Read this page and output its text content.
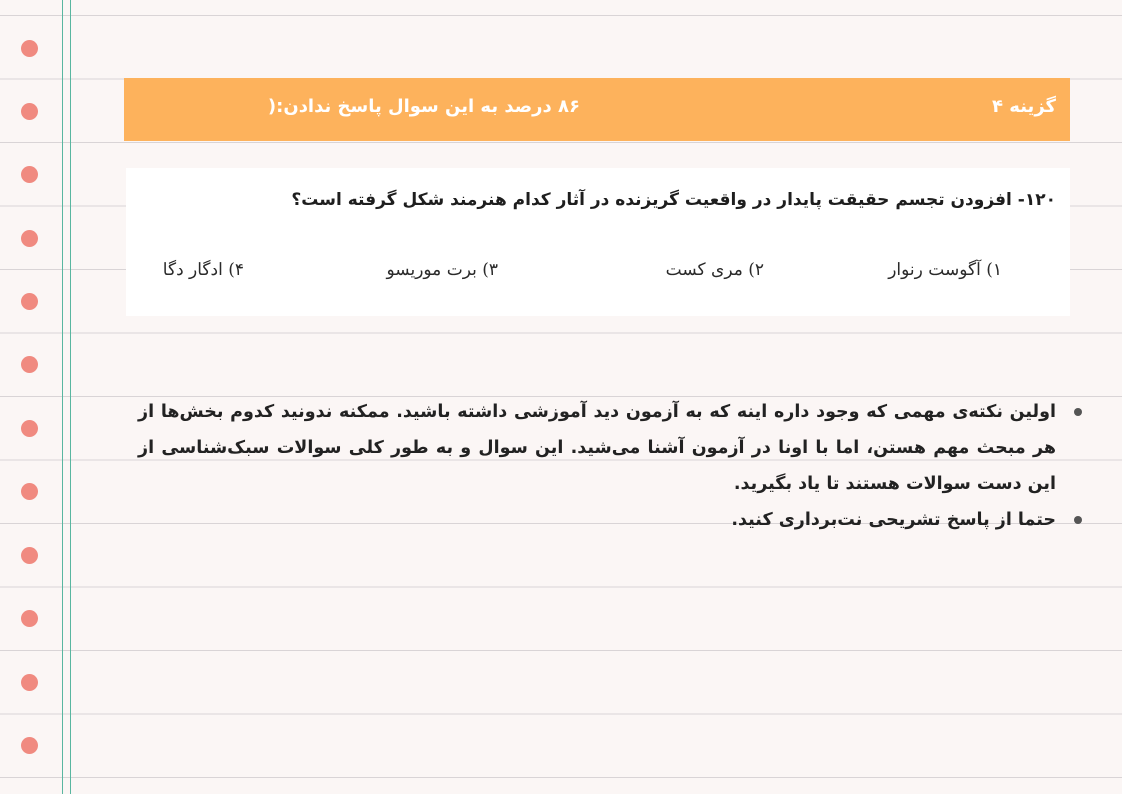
گزینه ۴
۸۶ درصد به این سوال پاسخ ندادن:(
۱۲۰- افزودن تجسم حقیقت پایدار در واقعیت گریزنده در آثار کدام هنرمند شکل گرفته است؟
۱) آگوست رنوار
۲) مری کست
۳) برت موریسو
۴) ادگار دگا
اولین نکته‌ی مهمی که وجود داره اینه که به آزمون دید آموزشی داشته باشید. ممکنه ندونید کدوم بخش‌ها از هر مبحث مهم هستن، اما با اونا در آزمون آشنا می‌شید. این سوال و به طور کلی سوالات سبک‌شناسی از این دست سوالات هستند تا یاد بگیرید.
حتما از پاسخ تشریحی نت‌برداری کنید.
